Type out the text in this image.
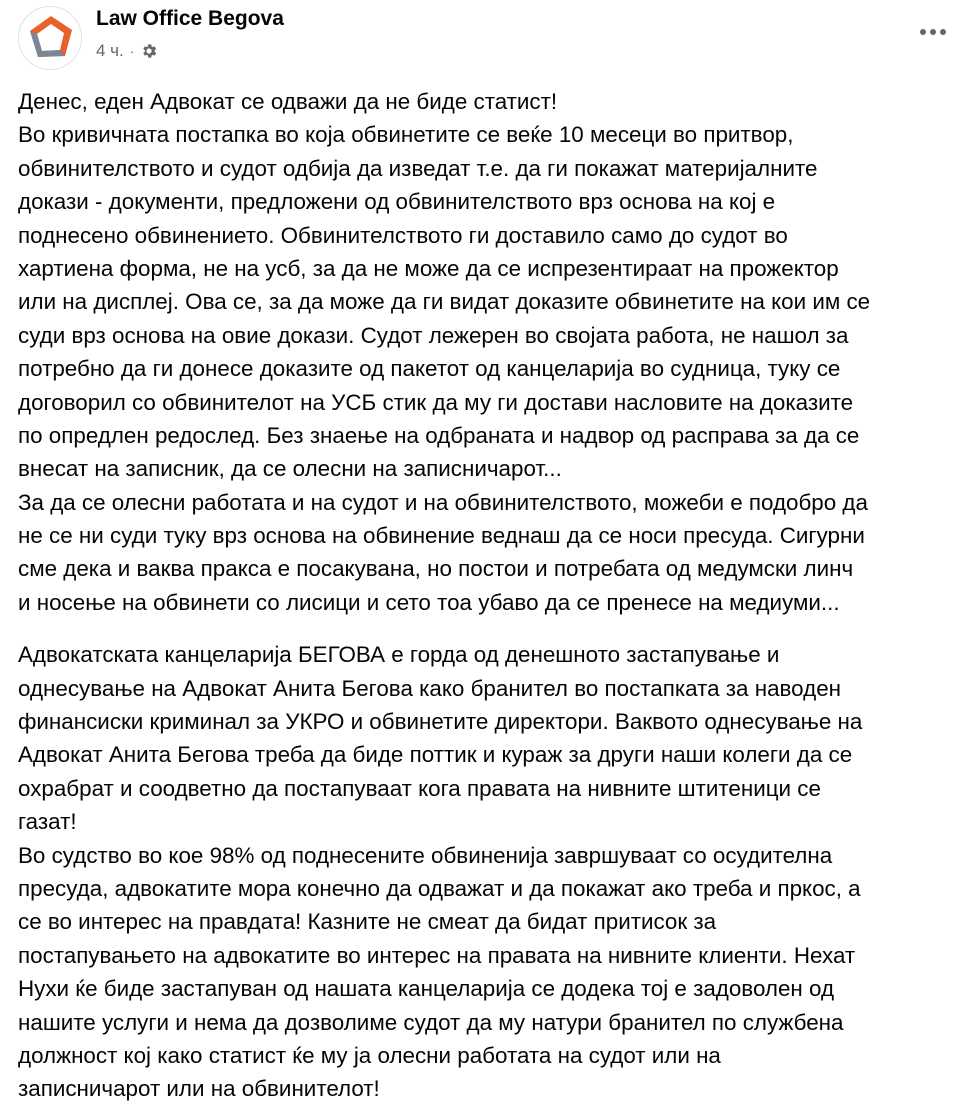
Law Office Begova
4 ч. ·
Денес, еден Адвокат се одважи да не биде статист!
Во кривичната постапка во која обвинетите се веќе 10 месеци во притвор,
обвинителството и судот одбија да изведат т.е. да ги покажат материјалните
докази - документи, предложени од обвинителството врз основа на кој е
поднесено обвинението. Обвинителството ги доставило само до судот во
хартиена форма, не на усб, за да не може да се испрезентираат на прожектор
или на дисплеј. Ова се, за да може да ги видат доказите обвинетите на кои им се
суди врз основа на овие докази. Судот лежерен во својата работа, не нашол за
потребно да ги донесе доказите од пакетот од канцеларија во судница, туку се
договорил со обвинителот на УСБ стик да му ги достави насловите на доказите
по опредлен редослед. Без знаење на одбраната и надвор од расправа за да се
внесат на записник, да се олесни на записничарот...
За да се олесни работата и на судот и на обвинителството, можеби е подобро да
не се ни суди туку врз основа на обвинение веднаш да се носи пресуда. Сигурни
сме дека и ваква пракса е посакувана, но постои и потребата од медумски линч
и носење на обвинети со лисици и сето тоа убаво да се пренесе на медиуми...
Адвокатската канцеларија БЕГОВА е горда од денешното застапување и
однесување на Адвокат Анита Бегова како бранител во постапката за наводен
финансиски криминал за УКРО и обвинетите директори. Ваквото однесување на
Адвокат Анита Бегова треба да биде поттик и кураж за други наши колеги да се
охрабрат и соодветно да постапуваат кога правата на нивните штитеници се
газат!
Во судство во кое 98% од поднесените обвиненија завршуваат со осудителна
пресуда, адвокатите мора конечно да одважат и да покажат ако треба и пркос, а
се во интерес на правдата! Казните не смеат да бидат притисок за
постапувањето на адвокатите во интерес на правата на нивните клиенти. Нехат
Нухи ќе биде застапуван од нашата канцеларија се додека тој е задоволен од
нашите услуги и нема да дозволиме судот да му натури бранител по службена
должност кој како статист ќе му ја олесни работата на судот или на
записничарот или на обвинителот!
